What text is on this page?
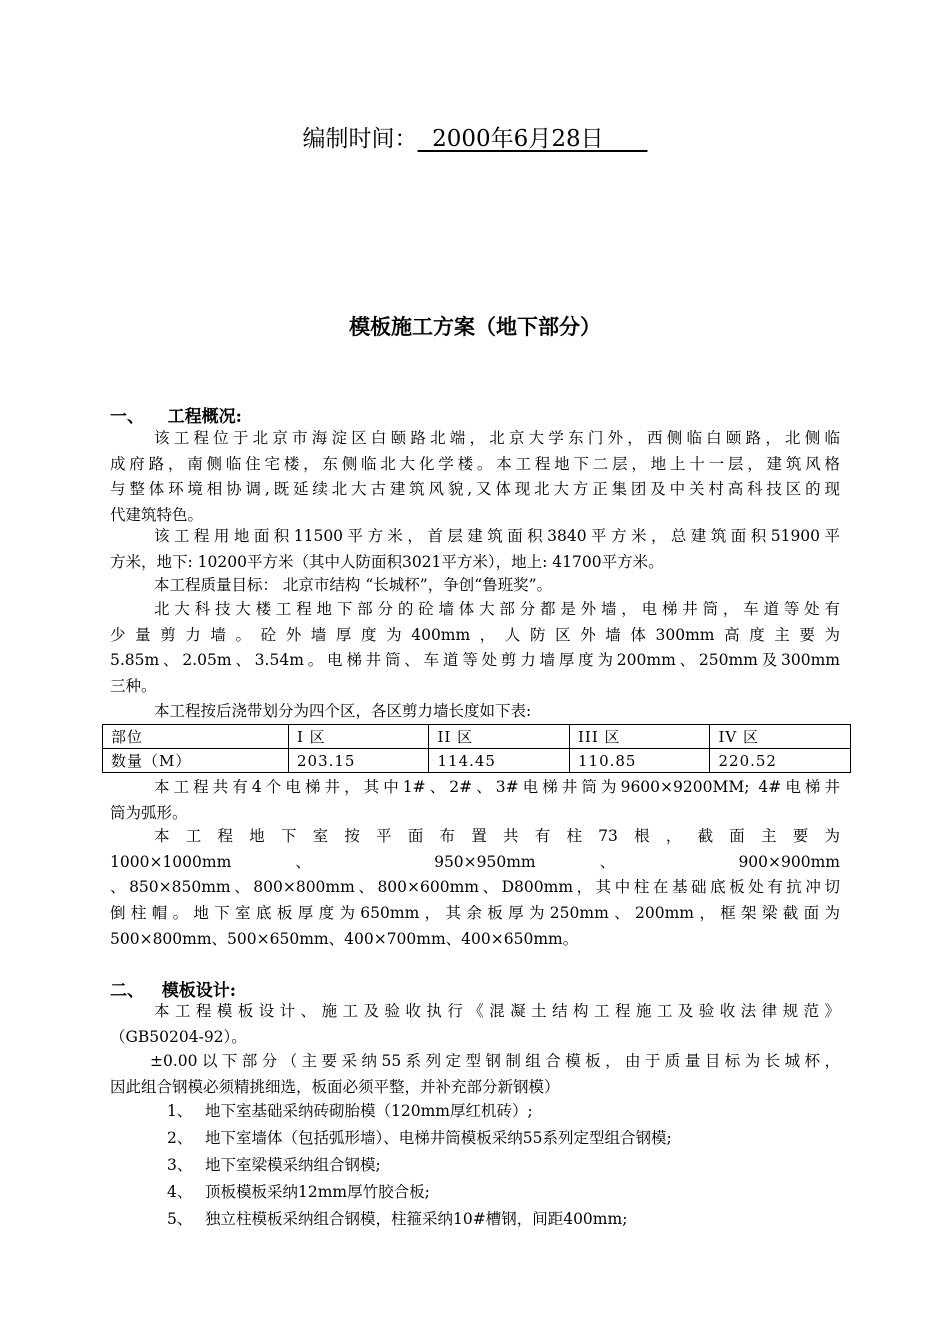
编制时间：  2000年6月28日
模板施工方案（地下部分）
一、    工程概况:
该工程位于北京市海淀区白颐路北端，北京大学东门外，西侧临白颐路，北侧临
成府路，南侧临住宅楼，东侧临北大化学楼。本工程地下二层，地上十一层，建筑风格
与整体环境相协调,既延续北大古建筑风貌,又体现北大方正集团及中关村高科技区的现
代建筑特色。
该工程用地面积11500平方米，首层建筑面积3840平方米，总建筑面积51900平
方米，地下: 10200平方米（其中人防面积3021平方米），地上: 41700平方米。
本工程质量目标： 北京市结构 “长城杯”，争创“鲁班奖”。
北大科技大楼工程地下部分的砼墙体大部分都是外墙，电梯井筒，车道等处有
少量剪力墙。砼外墙厚度为400mm，人防区外墙体300mm高度主要为
5.85m、2.05m、3.54m。电梯井筒、车道等处剪力墙厚度为200mm、250mm及300mm
三种。
本工程按后浇带划分为四个区，各区剪力墙长度如下表:
部位	I 区	II 区	III 区	IV 区
数量（M）	203.15	114.45	110.85	220.52
本工程共有4个电梯井，其中1#、2#、3#电梯井筒为9600×9200MM; 4#电梯井
筒为弧形。
本工程地下室按平面布置共有柱73根，截面主要为
1000×1000mm 、 950×950mm 、 900×900mm
、850×850mm、800×800mm、800×600mm、D800mm，其中柱在基础底板处有抗冲切
倒柱帽。地下室底板厚度为650mm，其余板厚为250mm、200mm，框架梁截面为
500×800mm、500×650mm、400×700mm、400×650mm。
二、   模板设计:
本工程模板设计、施工及验收执行《混凝土结构工程施工及验收法律规范》
（GB50204-92）。
±0.00以下部分（主要采纳55系列定型钢制组合模板，由于质量目标为长城杯，
因此组合钢模必须精挑细选，板面必须平整，并补充部分新钢模）
1、 地下室基础采纳砖砌胎模（120mm厚红机砖）;
2、 地下室墙体（包括弧形墙）、电梯井筒模板采纳55系列定型组合钢模;
3、 地下室梁模采纳组合钢模;
4、 顶板模板采纳12mm厚竹胶合板;
5、 独立柱模板采纳组合钢模，柱箍采纳10#槽钢，间距400mm;
